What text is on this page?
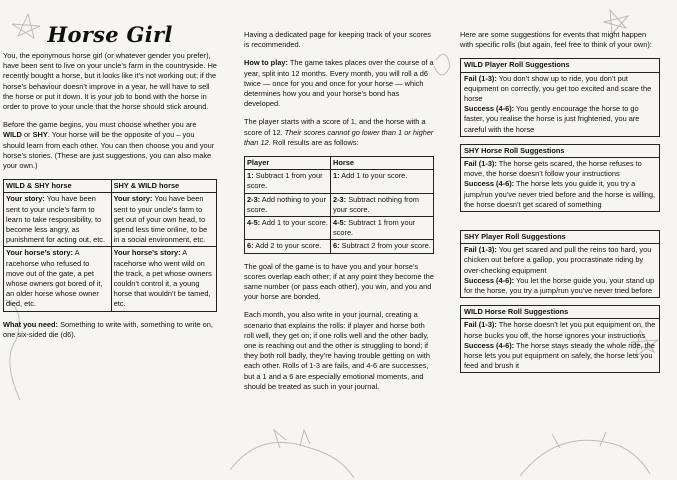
Horse Girl

You, the eponymous horse girl (or whatever gender you prefer), have been sent to live on your uncle’s farm in the countryside. He recently bought a horse, but it looks like it’s not working out; if the horse’s behaviour doesn’t improve in a year, he will have to sell the horse or put it down. It is your job to bond with the horse in order to prove to your uncle that the horse should stick around.

Before the game begins, you must choose whether you are WILD or SHY. Your horse will be the opposite of you – you should learn from each other. You can then choose you and your horse’s stories. (These are just suggestions, you can also make your own.)

WILD & SHY horse	SHY & WILD horse
Your story: You have been sent to your uncle’s farm to learn to take responsibility, to become less angry, as punishment for acting out, etc.	Your story: You have been sent to your uncle’s farm to get out of your own head, to spend less time online, to be in a social environment, etc.
Your horse’s story: A racehorse who refused to move out of the gate, a pet whose owners got bored of it, an older horse whose owner died, etc.	Your horse’s story: A racehorse who went wild on the track, a pet whose owners couldn’t control it, a young horse that wouldn’t be tamed, etc.

What you need: Something to write with, something to write on, one six-sided die (d6).

Having a dedicated page for keeping track of your scores is recommended.

How to play: The game takes places over the course of a year, split into 12 months. Every month, you will roll a d6 twice — once for you and once for your horse — which determines how you and your horse’s bond has developed.

The player starts with a score of 1, and the horse with a score of 12. Their scores cannot go lower than 1 or higher than 12. Roll results are as follows:

Player	Horse
1: Subtract 1 from your score.	1: Add 1 to your score.
2-3: Add nothing to your score.	2-3: Subtract nothing from your score.
4-5: Add 1 to your score.	4-5: Subtract 1 from your score.
6: Add 2 to your score.	6: Subtract 2 from your score.

The goal of the game is to have you and your horse’s scores overlap each other; if at any point they become the same number (or pass each other), you win, and you and your horse are bonded.

Each month, you also write in your journal, creating a scenario that explains the rolls: if player and horse both roll well, they get on; if one rolls well and the other badly, one is reaching out and the other is struggling to bond; if they both roll badly, they’re having trouble getting on with each other. Rolls of 1-3 are fails, and 4-6 are successes, but a 1 and a 6 are especially emotional moments, and should be treated as such in your journal.

Here are some suggestions for events that might happen with specific rolls (but again, feel free to think of your own):

WILD Player Roll Suggestions
Fail (1-3): You don’t show up to ride, you don’t put equipment on correctly, you get too excited and scare the horse
Success (4-6): You gently encourage the horse to go faster, you realise the horse is just frightened, you are careful with the horse
SHY Horse Roll Suggestions
Fail (1-3): The horse gets scared, the horse refuses to move, the horse doesn’t follow your instructions
Success (4-6): The horse lets you guide it, you try a jump/run you’ve never tried before and the horse is willing, the horse doesn’t get scared of something
SHY Player Roll Suggestions
Fail (1-3): You get scared and pull the reins too hard, you chicken out before a gallop, you procrastinate riding by over-checking equipment
Success (4-6): You let the horse guide you, your stand up for the horse, you try a jump/run you’ve never tried before
WILD Horse Roll Suggestions
Fail (1-3): The horse doesn’t let you put equipment on, the horse bucks you off, the horse ignores your instructions
Success (4-6): The horse stays steady the whole ride, the horse lets you put equipment on safely, the horse lets you feed and brush it
